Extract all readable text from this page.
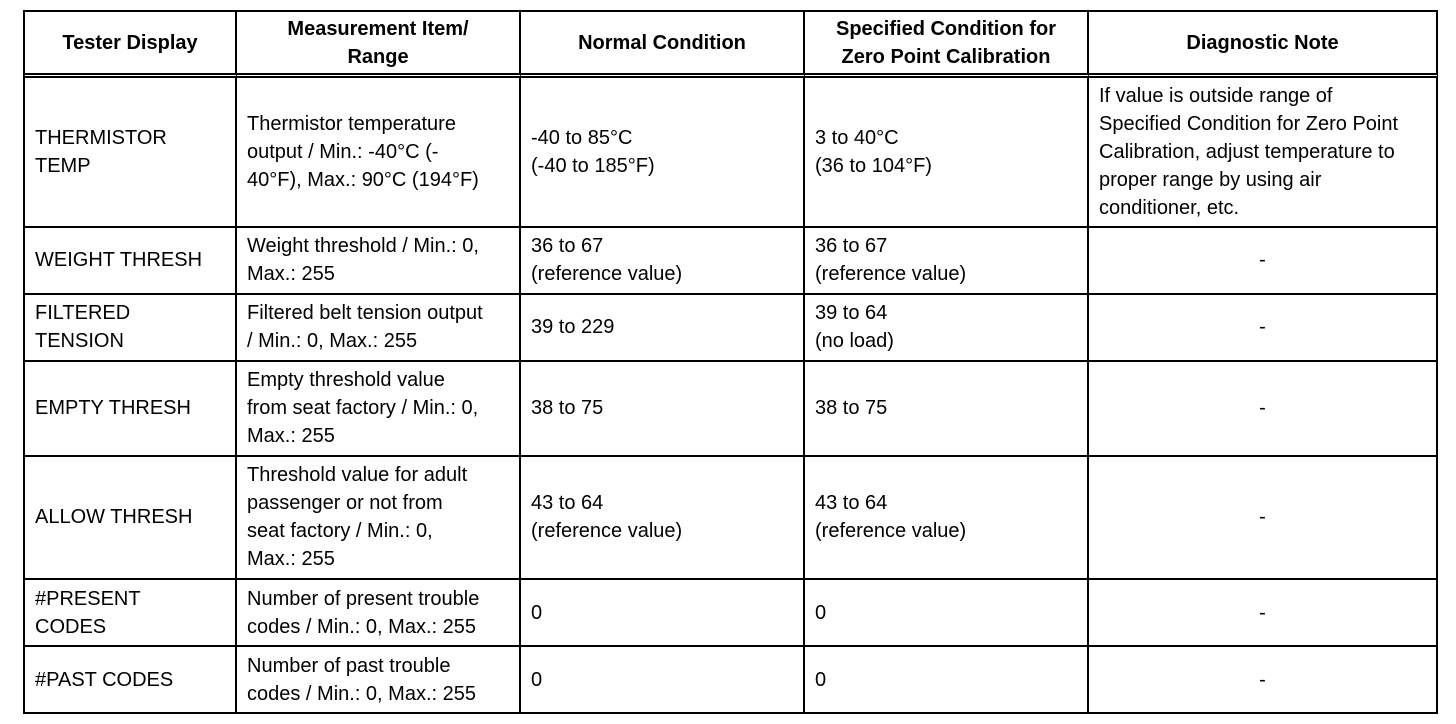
Tester Display	Measurement Item/
Range	Normal Condition	Specified Condition for
Zero Point Calibration	Diagnostic Note

THERMISTOR
TEMP	Thermistor temperature
output / Min.: -40°C (-
40°F), Max.: 90°C (194°F)	-40 to 85°C
(-40 to 185°F)	3 to 40°C
(36 to 104°F)	If value is outside range of
Specified Condition for Zero Point
Calibration, adjust temperature to
proper range by using air
conditioner, etc.

WEIGHT THRESH	Weight threshold / Min.: 0,
Max.: 255	36 to 67
(reference value)	36 to 67
(reference value)	-

FILTERED
TENSION	Filtered belt tension output
/ Min.: 0, Max.: 255	39 to 229	39 to 64
(no load)	-

EMPTY THRESH	Empty threshold value
from seat factory / Min.: 0,
Max.: 255	38 to 75	38 to 75	-

ALLOW THRESH	Threshold value for adult
passenger or not from
seat factory / Min.: 0,
Max.: 255	43 to 64
(reference value)	43 to 64
(reference value)	-

#PRESENT
CODES	Number of present trouble
codes / Min.: 0, Max.: 255	0	0	-

#PAST CODES	Number of past trouble
codes / Min.: 0, Max.: 255	0	0	-
